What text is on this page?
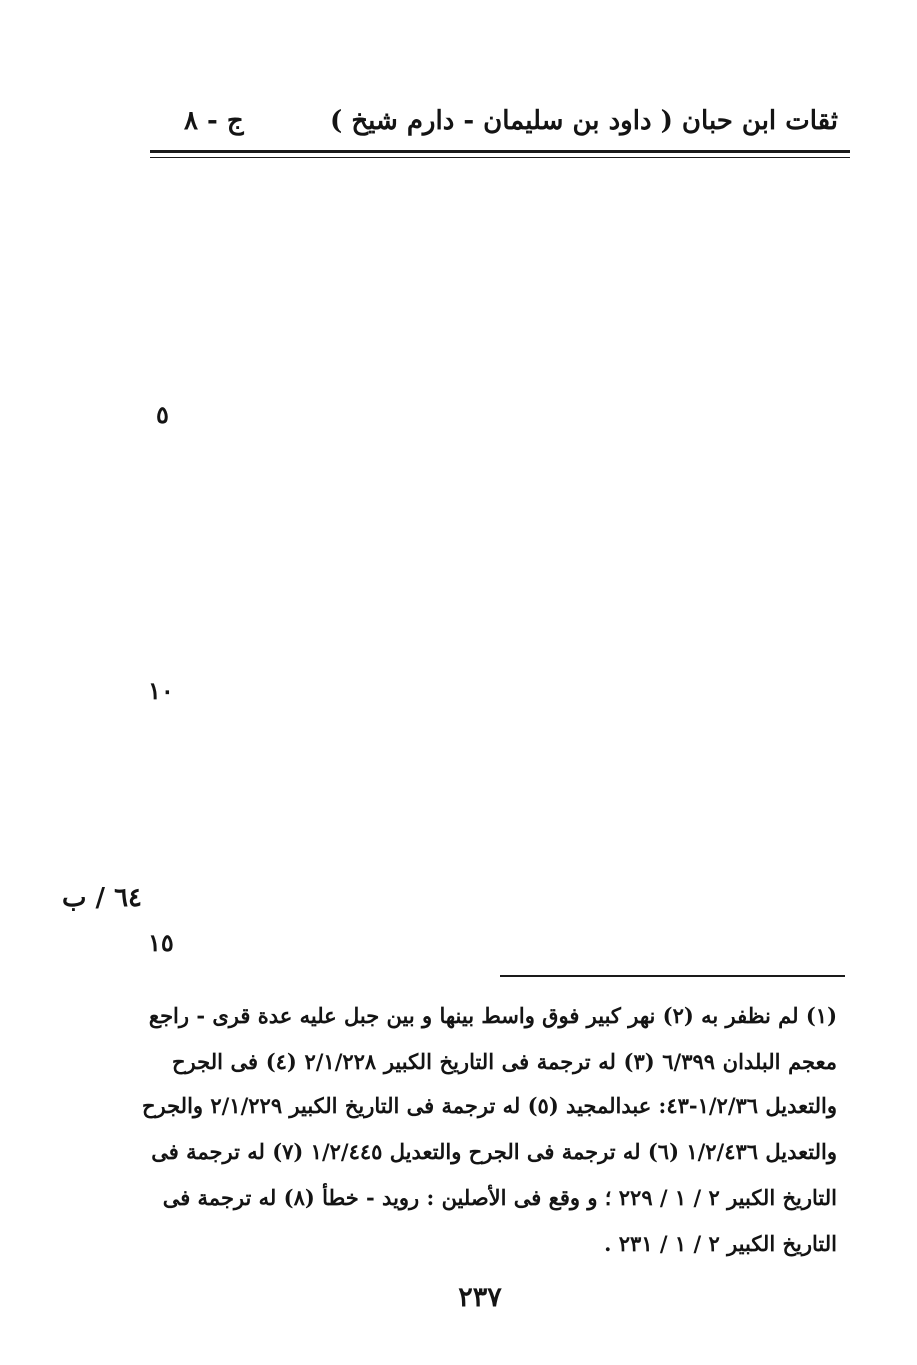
ثقات ابن حبان
( داود بن سليمان - دارم شيخ )
ج - ٨
٥
١٠
٦٤ / ب
١٥
(١) لم نظفر به (٢) نهر كبير فوق واسط بينها و بين جبل عليه عدة قرى - راجع
معجم البلدان ٦/٣٩٩ (٣) له ترجمة فى التاريخ الكبير ٢/١/٢٢٨ (٤) فى الجرح
والتعديل ١/٢/٣٦-٤٣: عبدالمجيد (٥) له ترجمة فى التاريخ الكبير ٢/١/٢٢٩ والجرح
والتعديل ١/٢/٤٣٦ (٦) له ترجمة فى الجرح والتعديل ١/٢/٤٤٥ (٧) له ترجمة فى
التاريخ الكبير ٢ / ١ / ٢٢٩ ؛ و وقع فى الأصلين : رويد - خطأ (٨) له ترجمة فى
التاريخ الكبير ٢ / ١ / ٢٣١ .
٢٣٧
